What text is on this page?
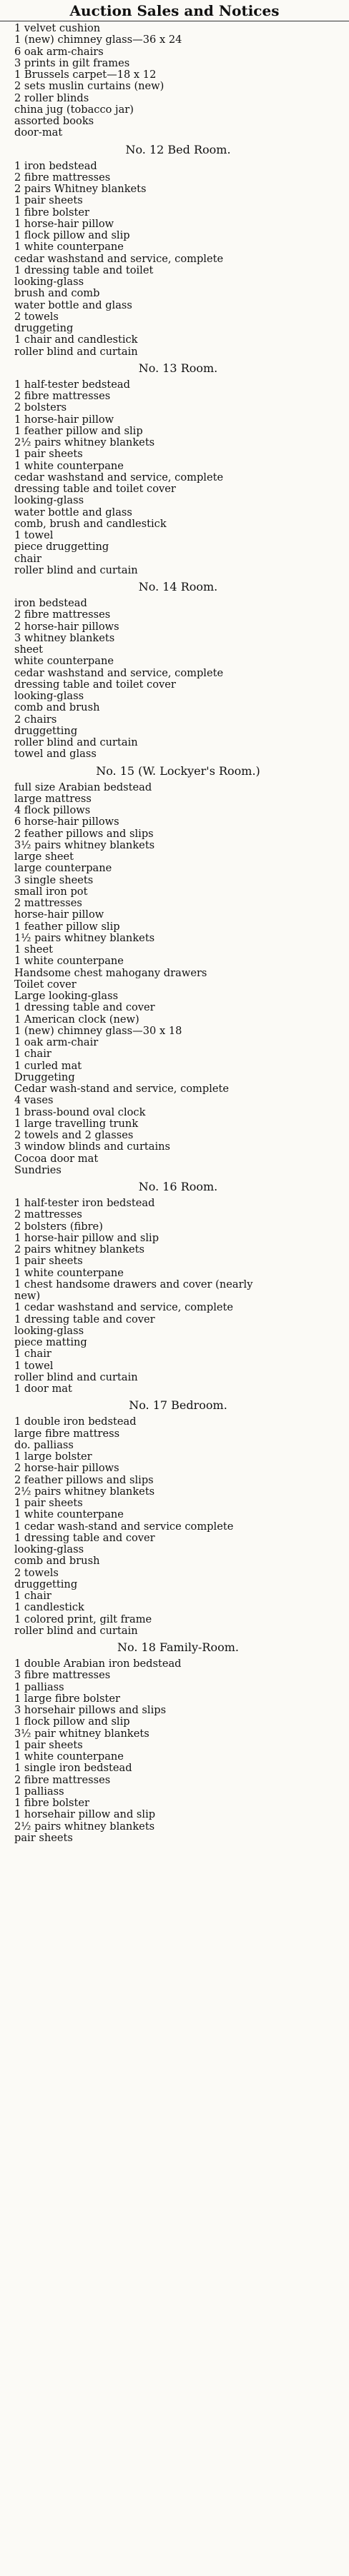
Auction Sales and Notices
1 velvet cushion
1 (new) chimney glass—36 x 24
6 oak arm-chairs
3 prints in gilt frames
1 Brussels carpet—18 x 12
2 sets muslin curtains (new)
2 roller blinds
china jug (tobacco jar)
assorted books
door-mat
No. 12 Bed Room.
1 iron bedstead
2 fibre mattresses
2 pairs Whitney blankets
1 pair sheets
1 fibre bolster
1 horse-hair pillow
1 flock pillow and slip
1 white counterpane
cedar washstand and service, complete
1 dressing table and toilet
looking-glass
brush and comb
water bottle and glass
2 towels
druggeting
1 chair and candlestick
roller blind and curtain
No. 13 Room.
1 half-tester bedstead
2 fibre mattresses
2 bolsters
1 horse-hair pillow
1 feather pillow and slip
2½ pairs whitney blankets
1 pair sheets
1 white counterpane
cedar washstand and service, complete
dressing table and toilet cover
looking-glass
water bottle and glass
comb, brush and candlestick
1 towel
piece druggetting
chair
roller blind and curtain
No. 14 Room.
iron bedstead
2 fibre mattresses
2 horse-hair pillows
3 whitney blankets
sheet
white counterpane
cedar washstand and service, complete
dressing table and toilet cover
looking-glass
comb and brush
2 chairs
druggetting
roller blind and curtain
towel and glass
No. 15 (W. Lockyer's Room.)
full size Arabian bedstead
large mattress
4 flock pillows
6 horse-hair pillows
2 feather pillows and slips
3½ pairs whitney blankets
large sheet
large counterpane
3 single sheets
small iron pot
2 mattresses
horse-hair pillow
1 feather pillow slip
1½ pairs whitney blankets
1 sheet
1 white counterpane
Handsome chest mahogany drawers
Toilet cover
Large looking-glass
1 dressing table and cover
1 American clock (new)
1 (new) chimney glass—30 x 18
1 oak arm-chair
1 chair
1 curled mat
Druggeting
Cedar wash-stand and service, complete
4 vases
1 brass-bound oval clock
1 large travelling trunk
2 towels and 2 glasses
3 window blinds and curtains
Cocoa door mat
Sundries
No. 16 Room.
1 half-tester iron bedstead
2 mattresses
2 bolsters (fibre)
1 horse-hair pillow and slip
2 pairs whitney blankets
1 pair sheets
1 white counterpane
1 chest handsome drawers and cover (nearly
new)
1 cedar washstand and service, complete
1 dressing table and cover
looking-glass
piece matting
1 chair
1 towel
roller blind and curtain
1 door mat
No. 17 Bedroom.
1 double iron bedstead
large fibre mattress
do. palliass
1 large bolster
2 horse-hair pillows
2 feather pillows and slips
2½ pairs whitney blankets
1 pair sheets
1 white counterpane
1 cedar wash-stand and service complete
1 dressing table and cover
looking-glass
comb and brush
2 towels
druggetting
1 chair
1 candlestick
1 colored print, gilt frame
roller blind and curtain
No. 18 Family-Room.
1 double Arabian iron bedstead
3 fibre mattresses
1 palliass
1 large fibre bolster
3 horsehair pillows and slips
1 flock pillow and slip
3½ pair whitney blankets
1 pair sheets
1 white counterpane
1 single iron bedstead
2 fibre mattresses
1 palliass
1 fibre bolster
1 horsehair pillow and slip
2½ pairs whitney blankets
pair sheets
